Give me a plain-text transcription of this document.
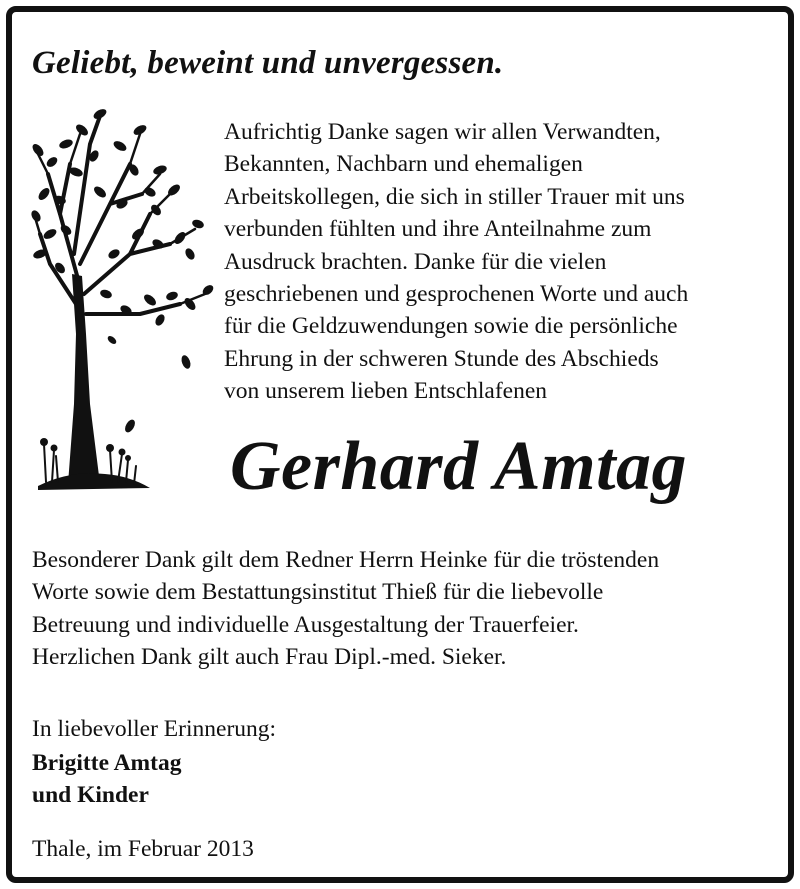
Geliebt, beweint und unvergessen.
Aufrichtig Danke sagen wir allen Verwandten,
Bekannten, Nachbarn und ehemaligen
Arbeitskollegen, die sich in stiller Trauer mit uns
verbunden fühlten und ihre Anteilnahme zum
Ausdruck brachten. Danke für die vielen
geschriebenen und gesprochenen Worte und auch
für die Geldzuwendungen sowie die persönliche
Ehrung in der schweren Stunde des Abschieds
von unserem lieben Entschlafenen
Gerhard Amtag

Besonderer Dank gilt dem Redner Herrn Heinke für die tröstenden

Worte sowie dem Bestattungsinstitut Thieß für die liebevolle

Betreuung und individuelle Ausgestaltung der Trauerfeier.

Herzlichen Dank gilt auch Frau Dipl.-med. Sieker.

In liebevoller Erinnerung:
Brigitte Amtag
und Kinder
Thale, im Februar 2013
